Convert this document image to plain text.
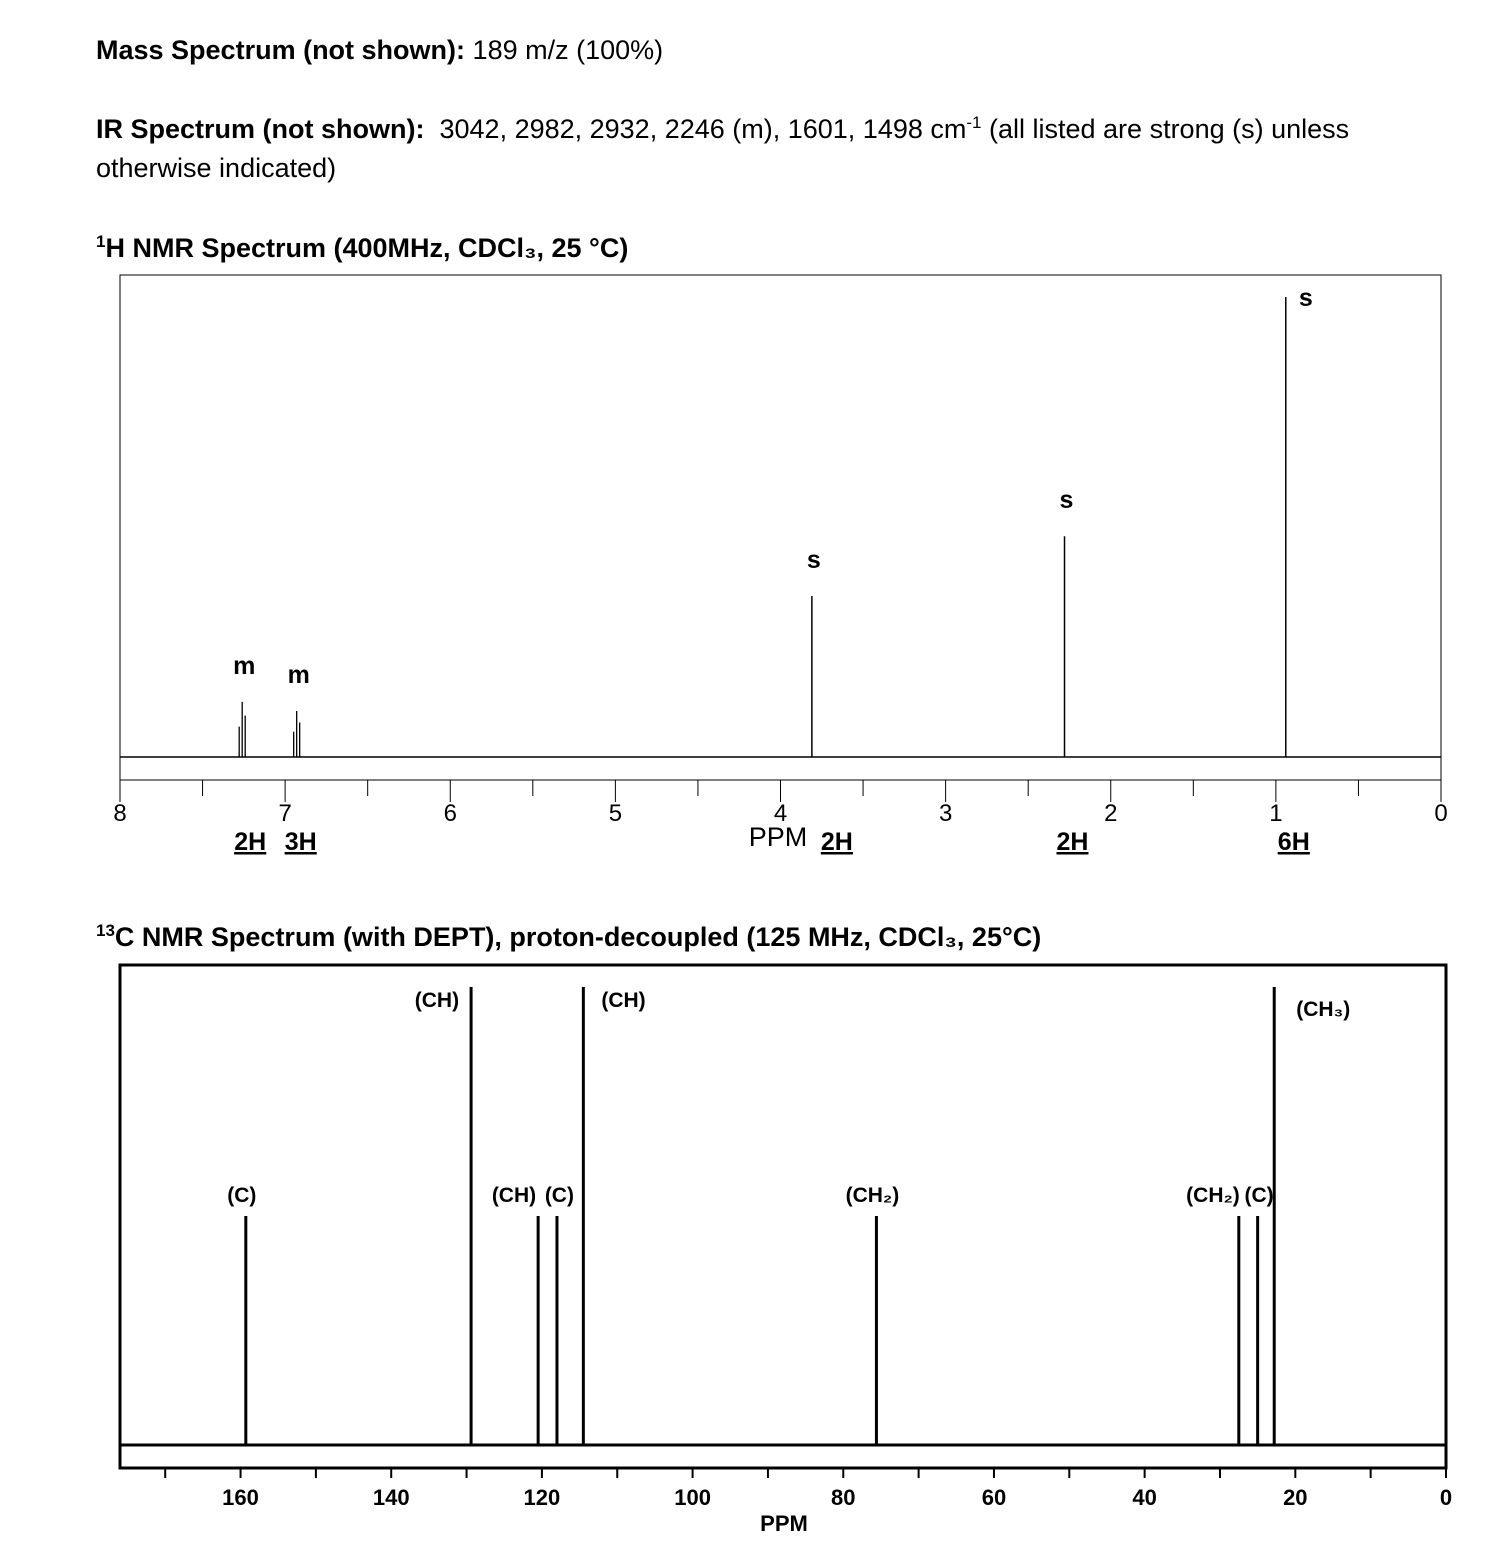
Mass Spectrum (not shown): 189 m/z (100%)
IR Spectrum (not shown): 3042, 2982, 2932, 2246 (m), 1601, 1498 $cm^{-1}$ (all listed are strong (s) unless
otherwise indicated)
$^1$H NMR Spectrum (400MHz, CDCl₃, 25 °C)
$^{13}$C NMR Spectrum (with DEPT), proton-decoupled (125 MHz, CDCl₃, 25°C)
8	7	6	5	4	3	2	1	0
m
2H
m
3H
s
2H
s
2H
s
6H
PPM
160	140	120	100	80	60	40	20	0
(C)
(CH)
(CH) (C)
(CH)
(CH₂)	(CH₂) (C)
(CH₃)
PPM
